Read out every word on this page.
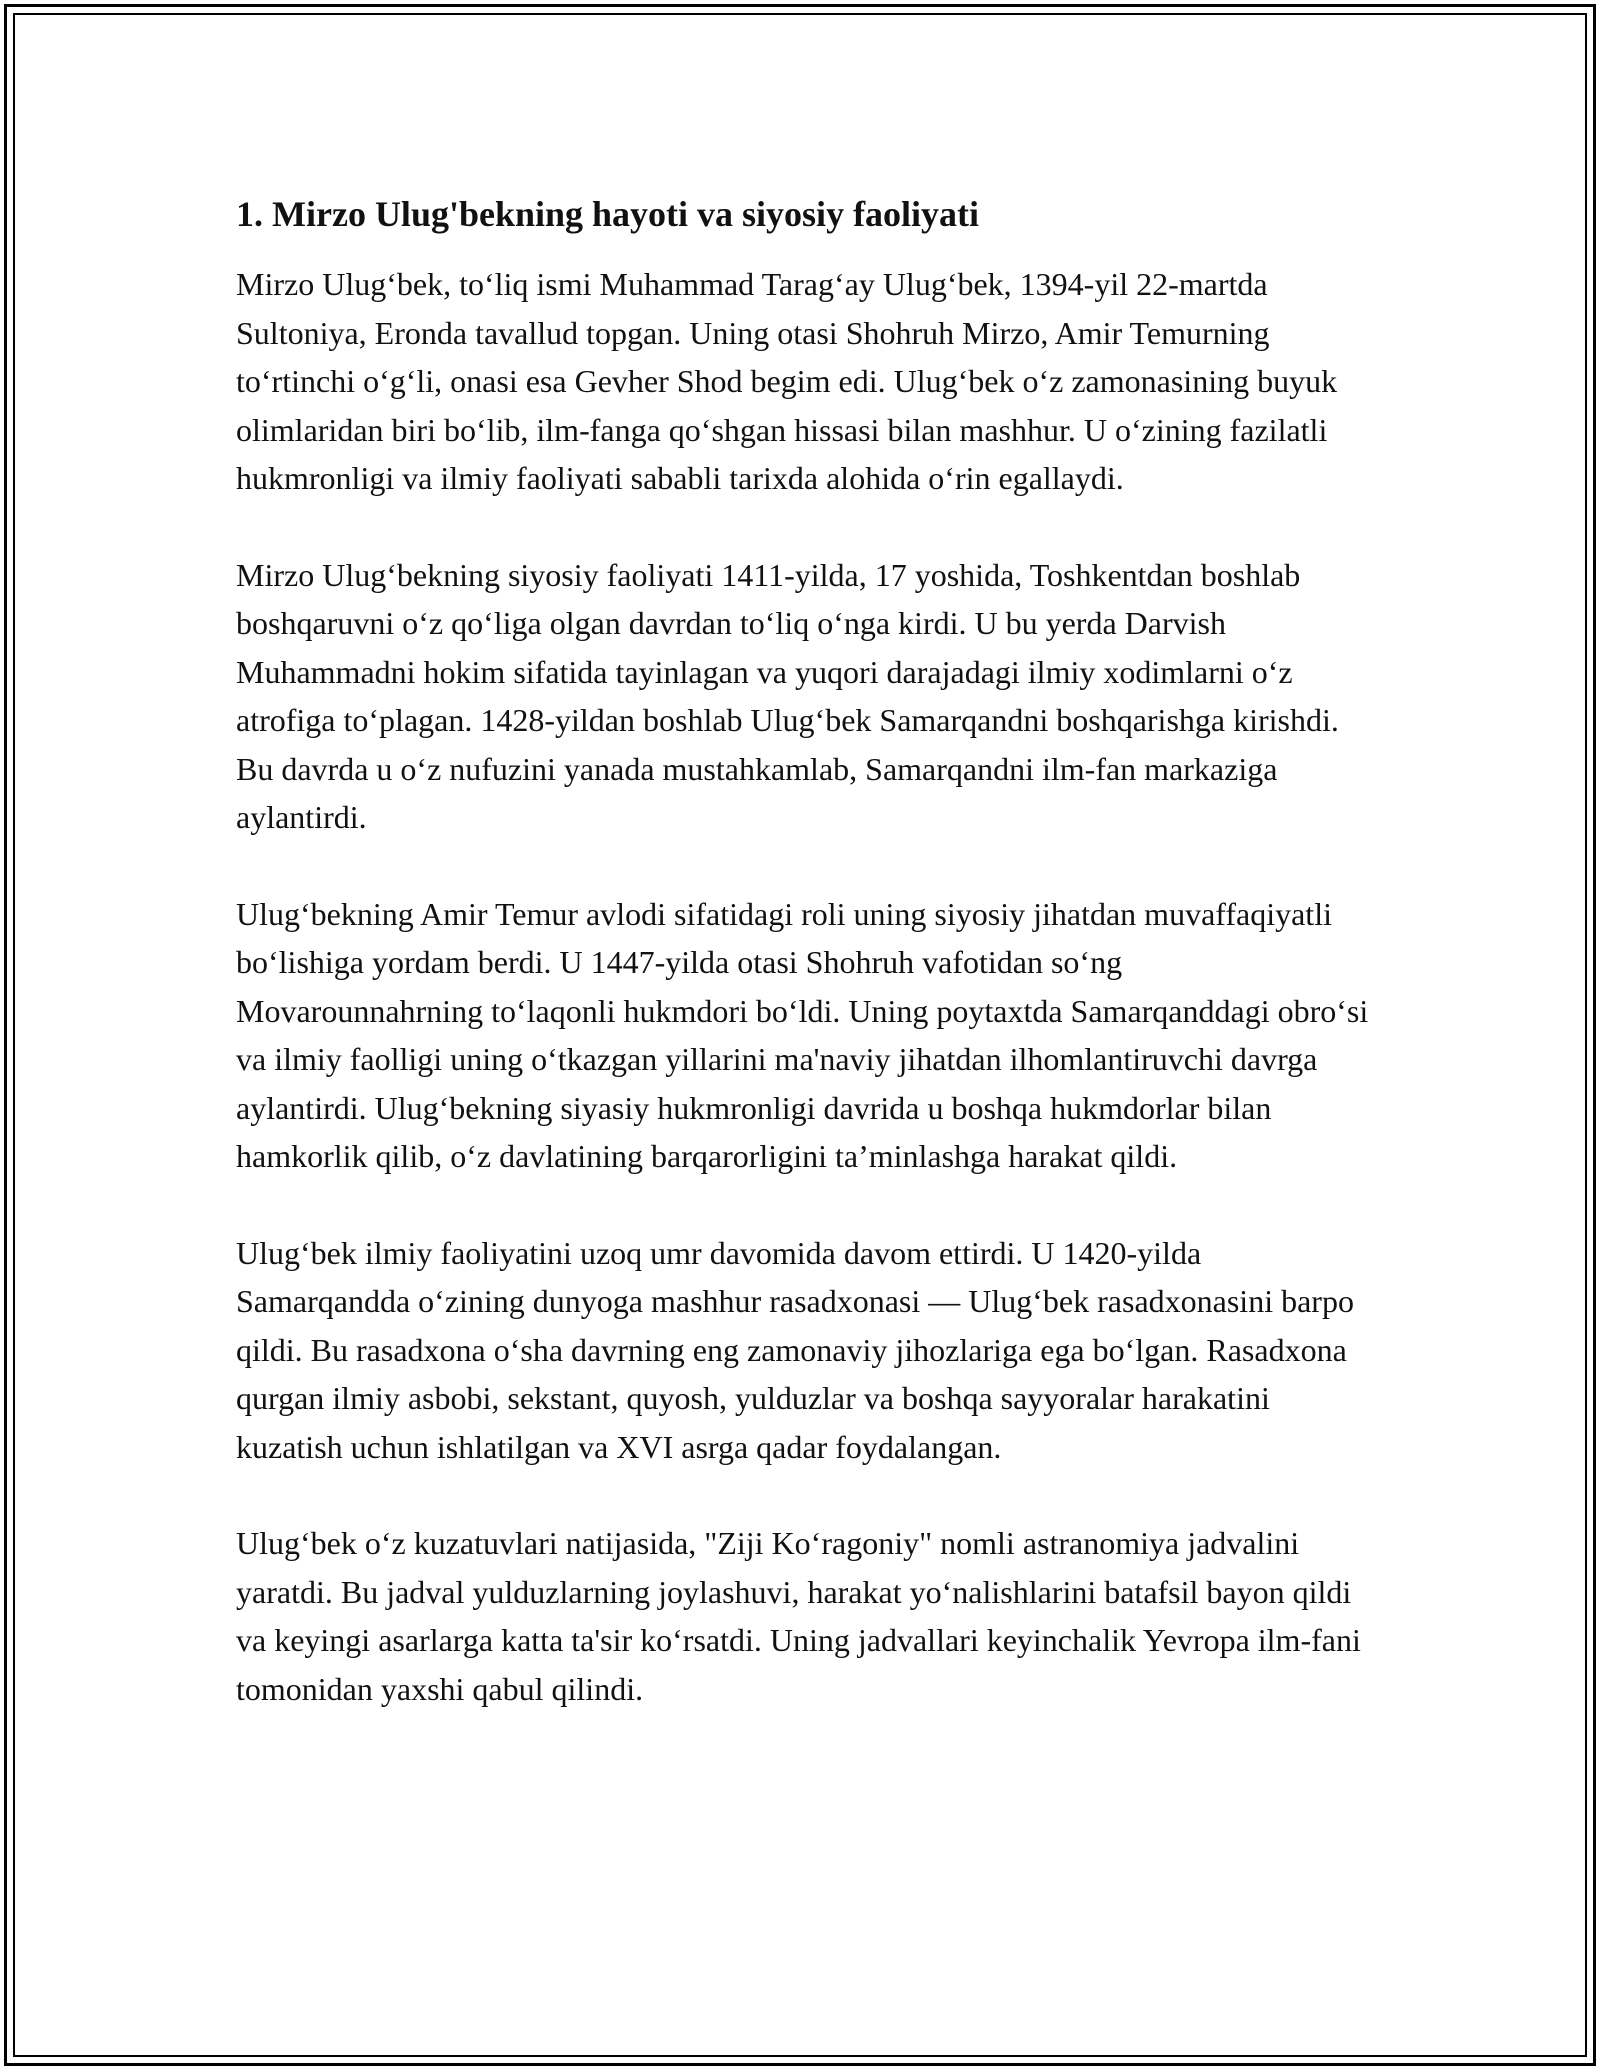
1. Mirzo Ulug'bekning hayoti va siyosiy faoliyati

Mirzo Ulug‘bek, to‘liq ismi Muhammad Tarag‘ay Ulug‘bek, 1394-yil 22-martda Sultoniya, Eronda tavallud topgan. Uning otasi Shohruh Mirzo, Amir Temurning to‘rtinchi o‘g‘li, onasi esa Gevher Shod begim edi. Ulug‘bek o‘z zamonasining buyuk olimlaridan biri bo‘lib, ilm-fanga qo‘shgan hissasi bilan mashhur. U o‘zining fazilatli hukmronligi va ilmiy faoliyati sababli tarixda alohida o‘rin egallaydi.

Mirzo Ulug‘bekning siyosiy faoliyati 1411-yilda, 17 yoshida, Toshkentdan boshlab boshqaruvni o‘z qo‘liga olgan davrdan to‘liq o‘nga kirdi. U bu yerda Darvish Muhammadni hokim sifatida tayinlagan va yuqori darajadagi ilmiy xodimlarni o‘z atrofiga to‘plagan. 1428-yildan boshlab Ulug‘bek Samarqandni boshqarishga kirishdi. Bu davrda u o‘z nufuzini yanada mustahkamlab, Samarqandni ilm-fan markaziga aylantirdi.

Ulug‘bekning Amir Temur avlodi sifatidagi roli uning siyosiy jihatdan muvaffaqiyatli bo‘lishiga yordam berdi. U 1447-yilda otasi Shohruh vafotidan so‘ng Movarounnahrning to‘laqonli hukmdori bo‘ldi. Uning poytaxtda Samarqanddagi obro‘si va ilmiy faolligi uning o‘tkazgan yillarini ma'naviy jihatdan ilhomlantiruvchi davrga aylantirdi. Ulug‘bekning siyasiy hukmronligi davrida u boshqa hukmdorlar bilan hamkorlik qilib, o‘z davlatining barqarorligini ta’minlashga harakat qildi.

Ulug‘bek ilmiy faoliyatini uzoq umr davomida davom ettirdi. U 1420-yilda Samarqandda o‘zining dunyoga mashhur rasadxonasi — Ulug‘bek rasadxonasini barpo qildi. Bu rasadxona o‘sha davrning eng zamonaviy jihozlariga ega bo‘lgan. Rasadxona qurgan ilmiy asbobi, sekstant, quyosh, yulduzlar va boshqa sayyoralar harakatini kuzatish uchun ishlatilgan va XVI asrga qadar foydalangan.

Ulug‘bek o‘z kuzatuvlari natijasida, "Ziji Ko‘ragoniy" nomli astranomiya jadvalini yaratdi. Bu jadval yulduzlarning joylashuvi, harakat yo‘nalishlarini batafsil bayon qildi va keyingi asarlarga katta ta'sir ko‘rsatdi. Uning jadvallari keyinchalik Yevropa ilm-fani tomonidan yaxshi qabul qilindi.
